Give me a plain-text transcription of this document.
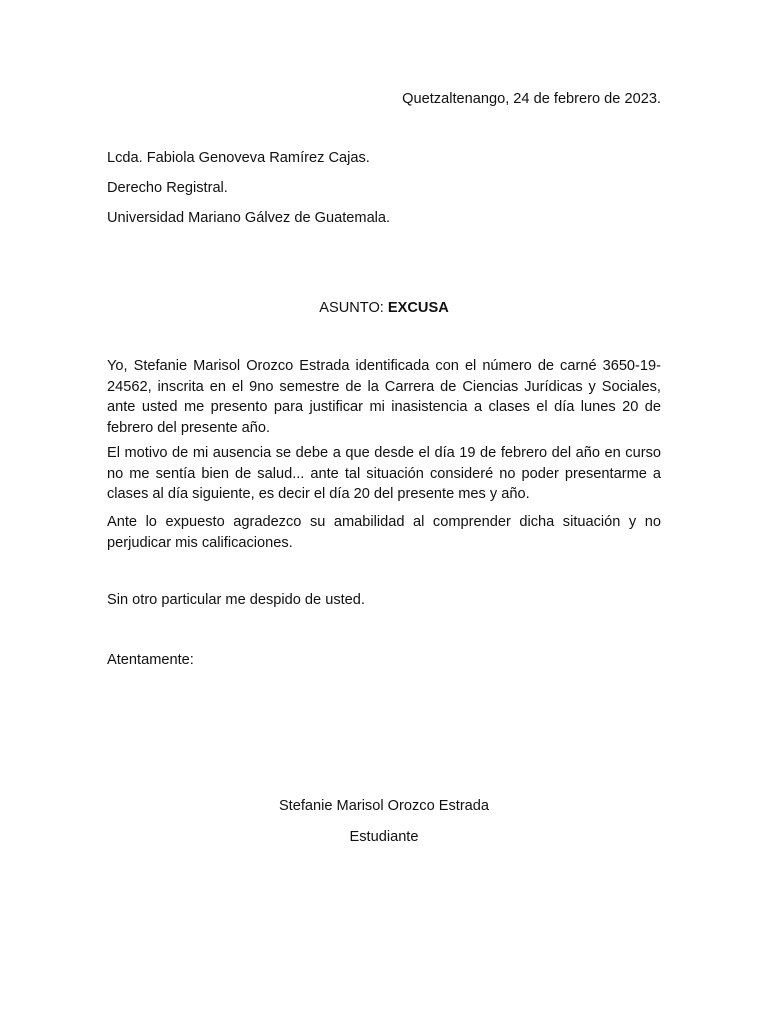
Quetzaltenango, 24 de febrero de 2023.
Lcda. Fabiola Genoveva Ramírez Cajas.
Derecho Registral.
Universidad Mariano Gálvez de Guatemala.
ASUNTO: EXCUSA

Yo, Stefanie Marisol Orozco Estrada identificada con el número de carné 3650-19-24562, inscrita en el 9no semestre de la Carrera de Ciencias Jurídicas y Sociales, ante usted me presento para justificar mi inasistencia a clases el día lunes 20 de febrero del presente año.

El motivo de mi ausencia se debe a que desde el día 19 de febrero del año en curso no me sentía bien de salud... ante tal situación consideré no poder presentarme a clases al día siguiente, es decir el día 20 del presente mes y año.

Ante lo expuesto agradezco su amabilidad al comprender dicha situación y no perjudicar mis calificaciones.

Sin otro particular me despido de usted.
Atentamente:
Stefanie Marisol Orozco Estrada
Estudiante
